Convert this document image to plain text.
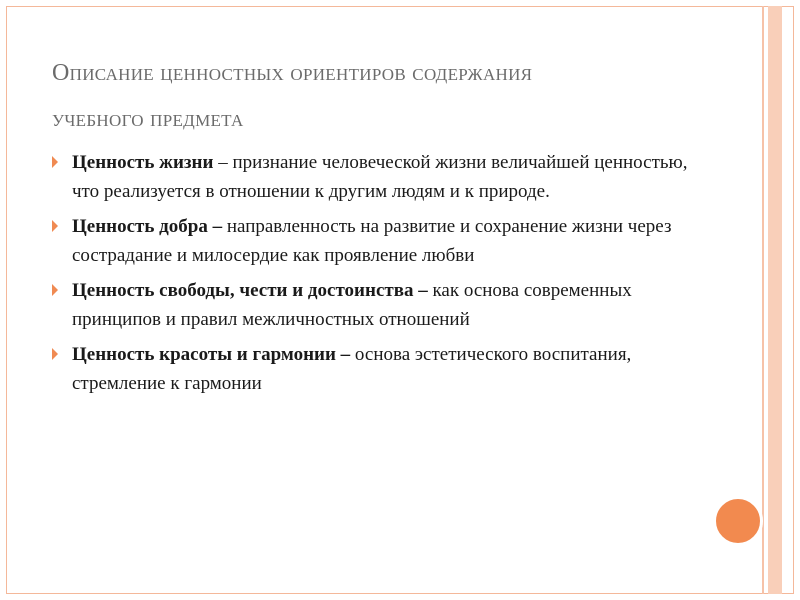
Описание ценностных ориентиров содержания
учебного предмета
Ценность жизни – признание человеческой жизни величайшей ценностью, что реализуется в отношении к другим людям и к природе.
Ценность добра – направленность на развитие и сохранение жизни через сострадание и милосердие как проявление любви
Ценность свободы, чести и достоинства – как основа современных принципов и правил межличностных отношений
Ценность красоты и гармонии – основа эстетического воспитания, стремление к гармонии
